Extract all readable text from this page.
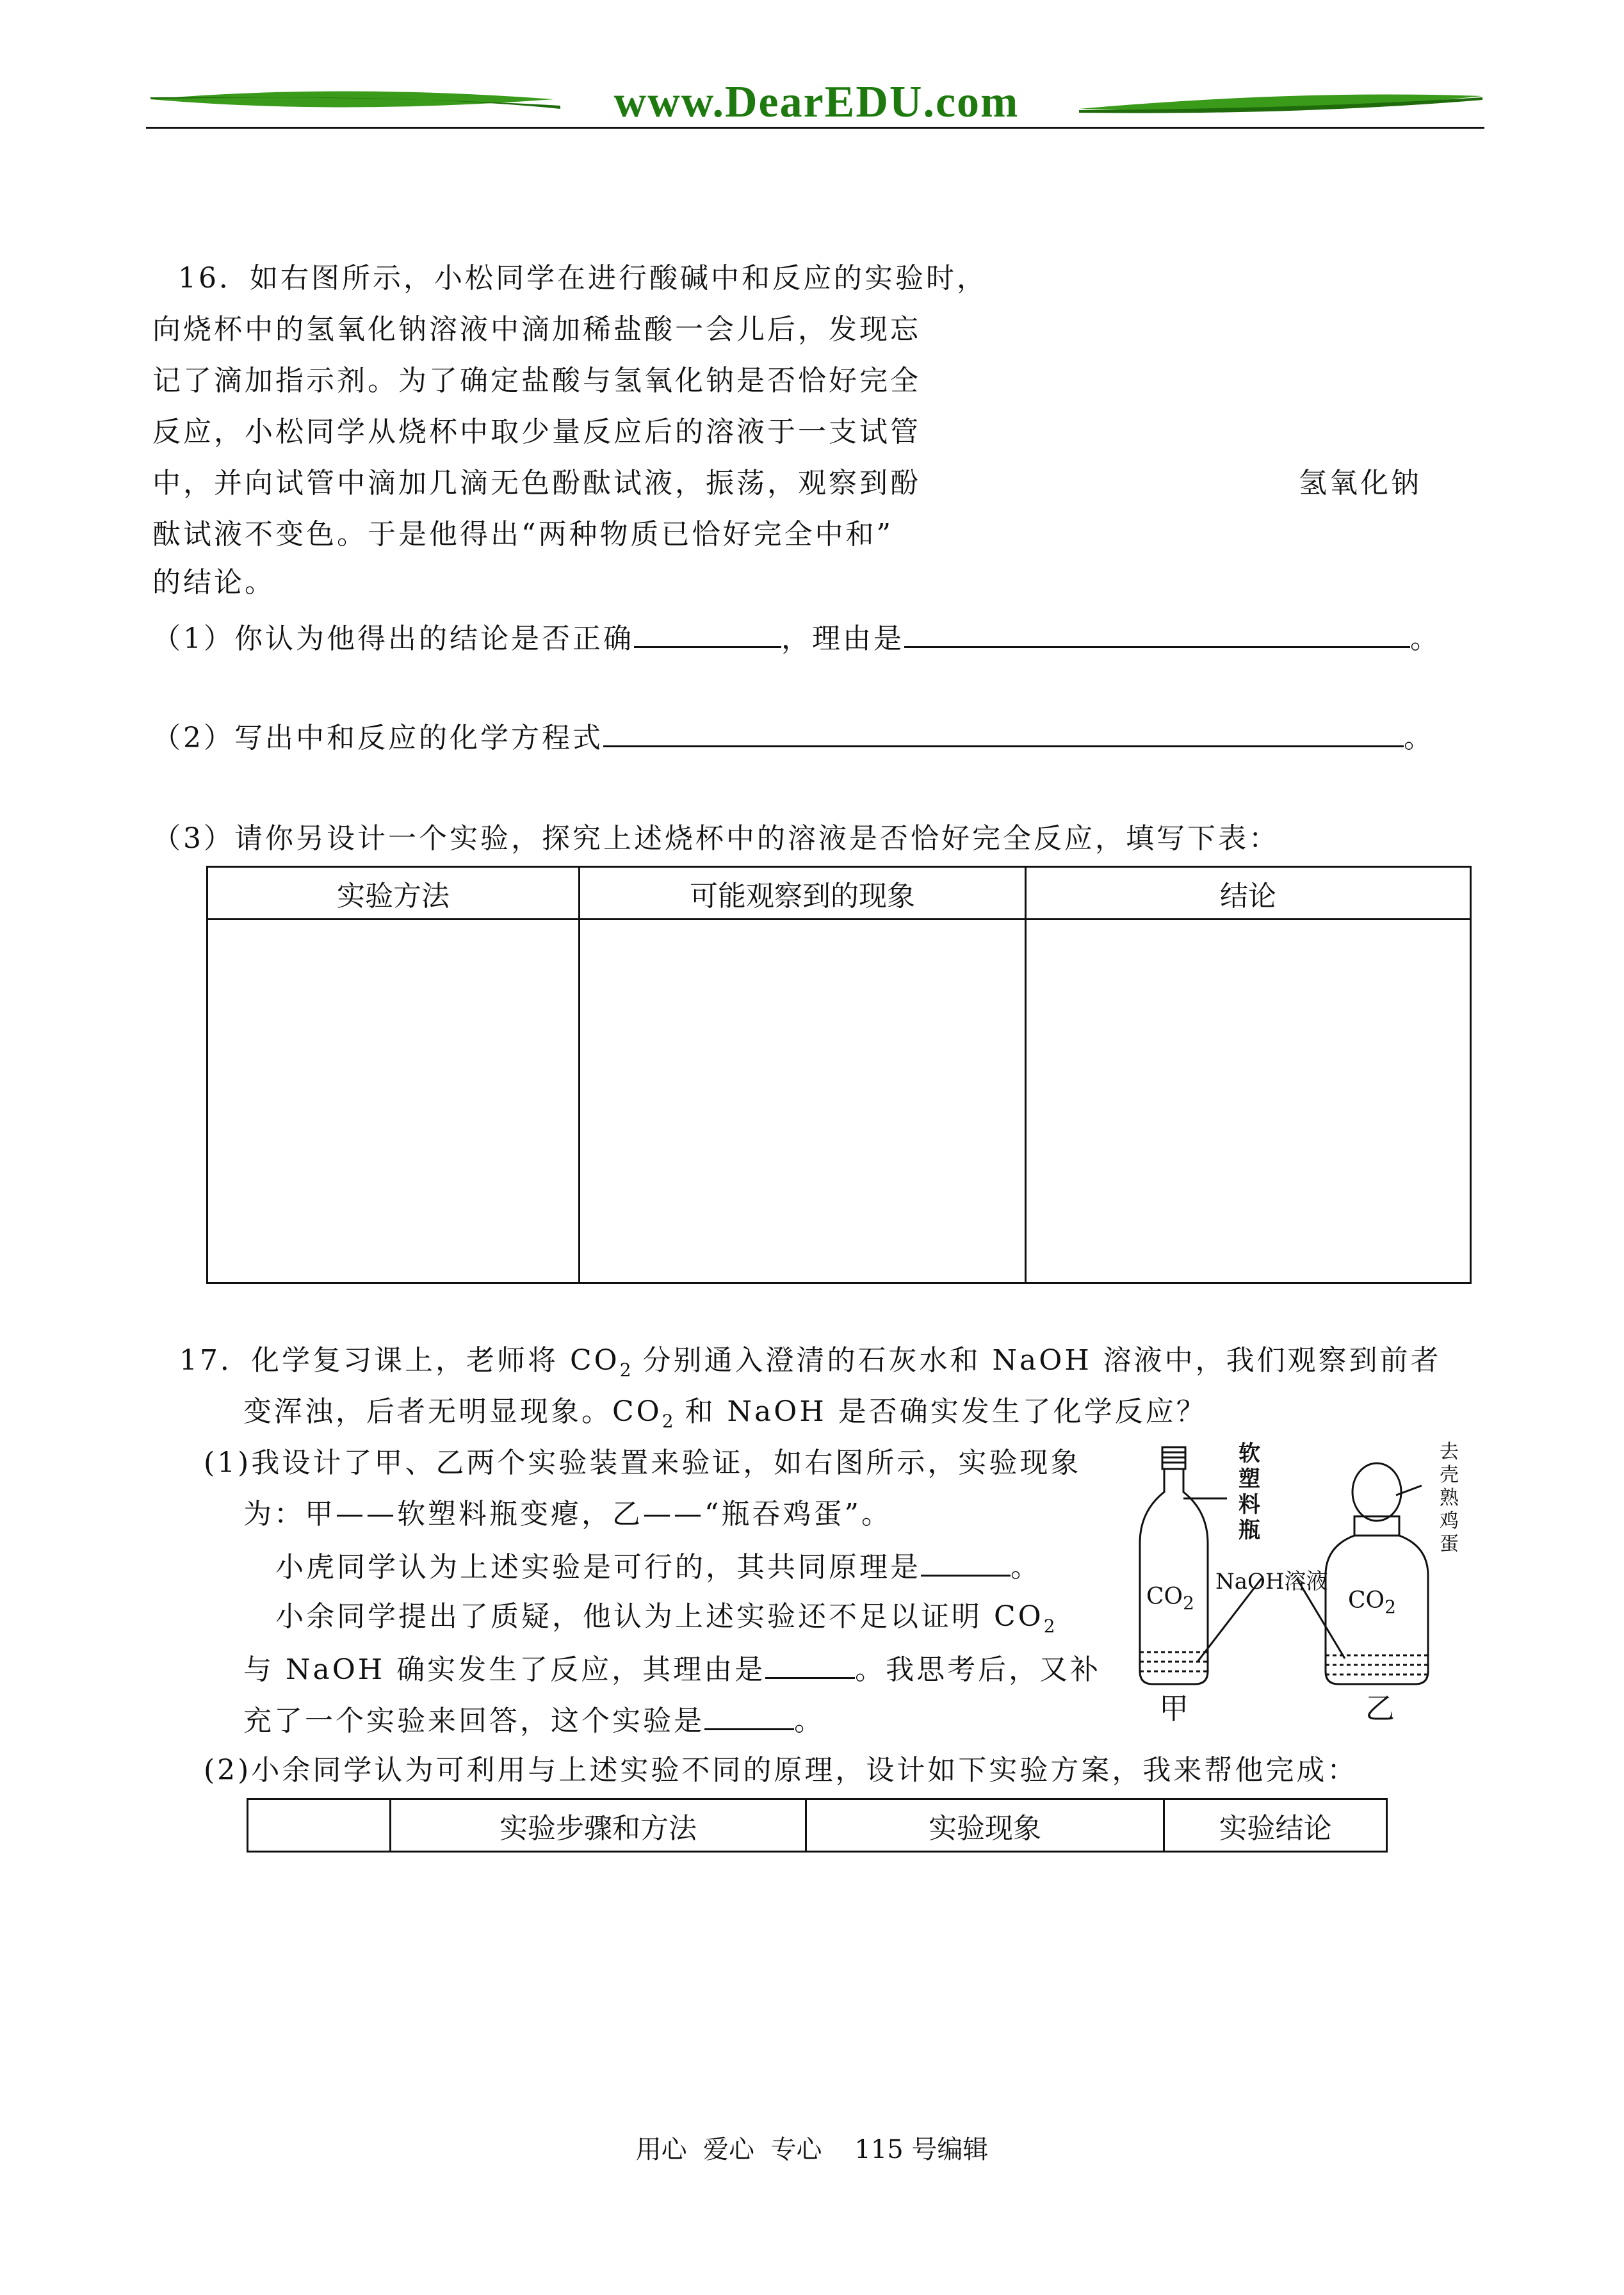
www.DearEDU.com
16．如右图所示，小松同学在进行酸碱中和反应的实验时，
向烧杯中的氢氧化钠溶液中滴加稀盐酸一会儿后，发现忘
记了滴加指示剂。为了确定盐酸与氢氧化钠是否恰好完全
反应，小松同学从烧杯中取少量反应后的溶液于一支试管
中，并向试管中滴加几滴无色酚酞试液，振荡，观察到酚
酞试液不变色。于是他得出“两种物质已恰好完全中和”
的结论。
氢氧化钠
（1）你认为他得出的结论是否正确	，理由是	。
（2）写出中和反应的化学方程式	。
（3）请你另设计一个实验，探究上述烧杯中的溶液是否恰好完全反应，填写下表：
实验方法	可能观察到的现象	结论

17．化学复习课上，老师将 $CO_2$ 分别通入澄清的石灰水和 NaOH 溶液中，我们观察到前者
变浑浊，后者无明显现象。$CO_2$ 和 NaOH 是否确实发生了化学反应？
(1)我设计了甲、乙两个实验装置来验证，如右图所示，实验现象
为：甲——软塑料瓶变瘪，乙——“瓶吞鸡蛋”。
小虎同学认为上述实验是可行的，其共同原理是	。
小余同学提出了质疑，他认为上述实验还不足以证明 $CO_2$
与 NaOH 确实发生了反应，其理由是	。我思考后，又补
充了一个实验来回答，这个实验是	。
软塑料瓶
去壳熟鸡蛋
NaOH溶液
$CO_2$	$CO_2$
甲	乙
(2)小余同学认为可利用与上述实验不同的原理，设计如下实验方案，我来帮他完成：
	实验步骤和方法	实验现象	实验结论
用心  爱心  专心    115 号编辑
